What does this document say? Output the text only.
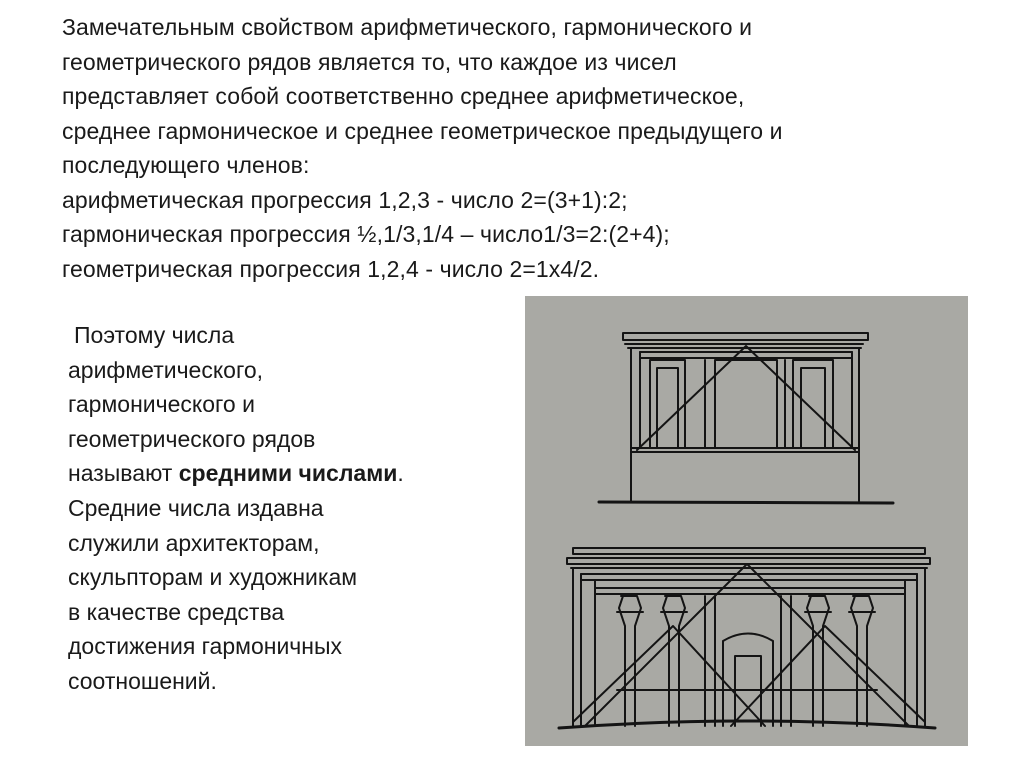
Замечательным свойством арифметического, гармонического и
геометрического рядов является то, что каждое из чисел
представляет собой соответственно среднее арифметическое,
среднее гармоническое и среднее геометрическое предыдущего и
последующего членов:
арифметическая прогрессия 1,2,3 - число 2=(3+1):2;
гармоническая прогрессия ½,1/3,1/4 – число1/3=2:(2+4);
геометрическая прогрессия 1,2,4 - число 2=1х4/2.
Поэтому числа
арифметического,
гармонического и
геометрического рядов
называют средними числами.
Средние числа издавна
служили архитекторам,
скульпторам и художникам
в качестве средства
достижения гармоничных
соотношений.
